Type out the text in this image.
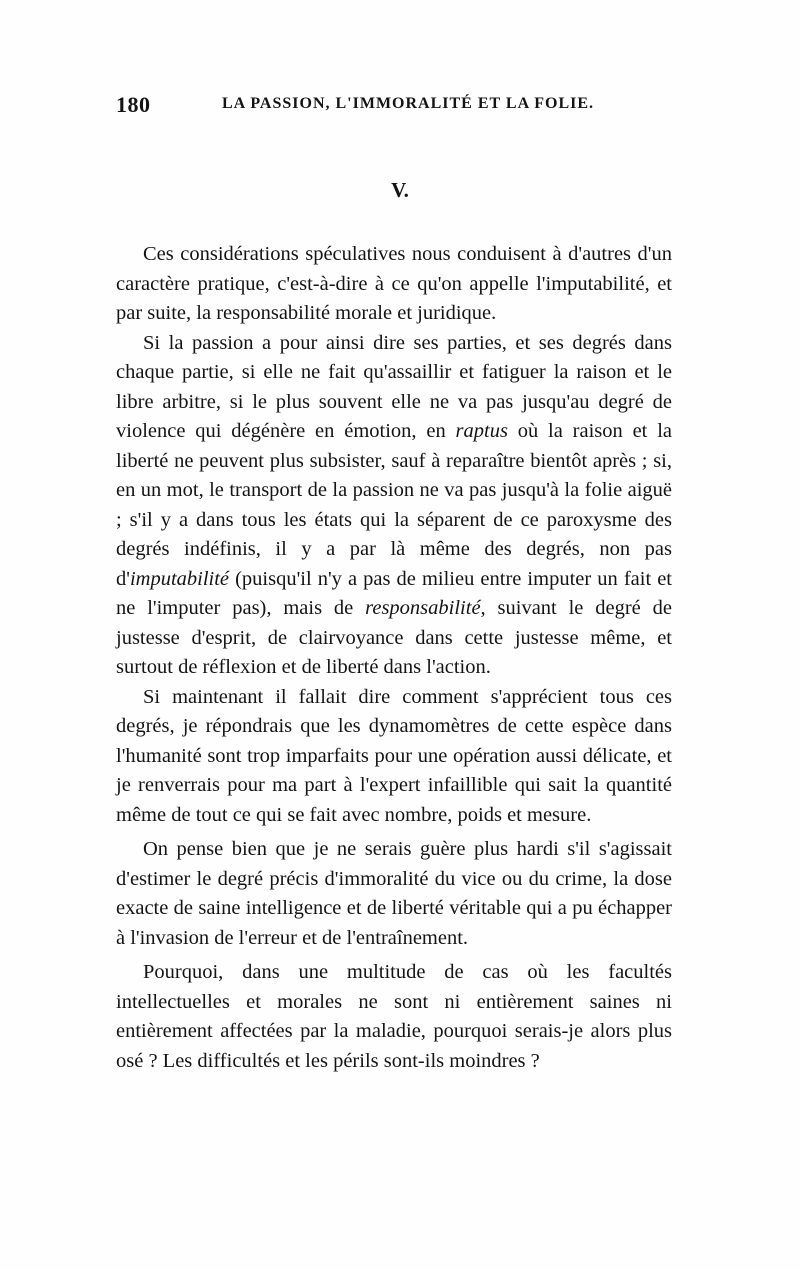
180	LA PASSION, L'IMMORALITÉ ET LA FOLIE.
V.

Ces considérations spéculatives nous conduisent à d'autres d'un caractère pratique, c'est-à-dire à ce qu'on appelle l'imputabilité, et par suite, la responsabilité morale et juridique.

Si la passion a pour ainsi dire ses parties, et ses degrés dans chaque partie, si elle ne fait qu'assaillir et fatiguer la raison et le libre arbitre, si le plus souvent elle ne va pas jusqu'au degré de violence qui dégénère en émotion, en raptus où la raison et la liberté ne peuvent plus subsister, sauf à reparaître bientôt après ; si, en un mot, le transport de la passion ne va pas jusqu'à la folie aiguë ; s'il y a dans tous les états qui la séparent de ce paroxysme des degrés indéfinis, il y a par là même des degrés, non pas d'imputabilité (puisqu'il n'y a pas de milieu entre imputer un fait et ne l'imputer pas), mais de responsabilité, suivant le degré de justesse d'esprit, de clairvoyance dans cette justesse même, et surtout de réflexion et de liberté dans l'action.

Si maintenant il fallait dire comment s'apprécient tous ces degrés, je répondrais que les dynamomètres de cette espèce dans l'humanité sont trop imparfaits pour une opération aussi délicate, et je renverrais pour ma part à l'expert infaillible qui sait la quantité même de tout ce qui se fait avec nombre, poids et mesure.

On pense bien que je ne serais guère plus hardi s'il s'agissait d'estimer le degré précis d'immoralité du vice ou du crime, la dose exacte de saine intelligence et de liberté véritable qui a pu échapper à l'invasion de l'erreur et de l'entraînement.

Pourquoi, dans une multitude de cas où les facultés intellectuelles et morales ne sont ni entièrement saines ni entièrement affectées par la maladie, pourquoi serais-je alors plus osé ? Les difficultés et les périls sont-ils moindres ?
